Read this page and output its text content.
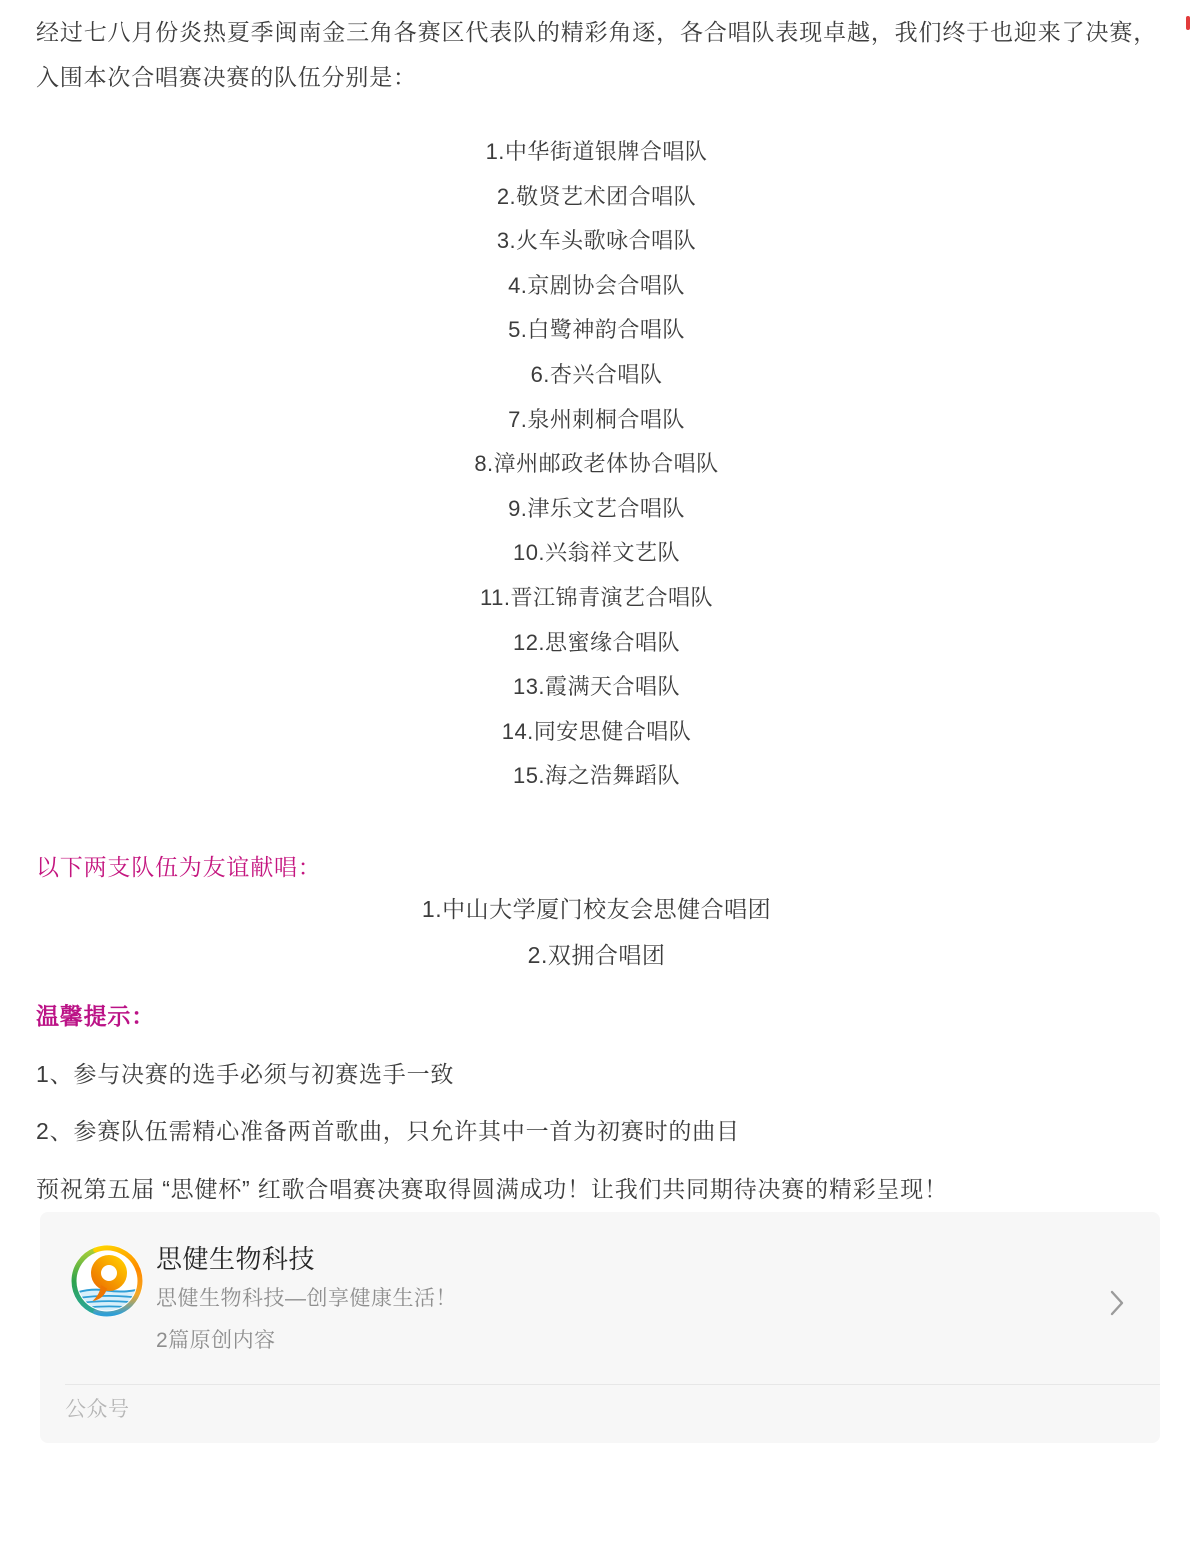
经过七八月份炎热夏季闽南金三角各赛区代表队的精彩角逐，各合唱队表现卓越，我们终于也迎来了决赛，入围本次合唱赛决赛的队伍分别是：

1.中华街道银牌合唱队
2.敬贤艺术团合唱队
3.火车头歌咏合唱队
4.京剧协会合唱队
5.白鹭神韵合唱队
6.杏兴合唱队
7.泉州刺桐合唱队
8.漳州邮政老体协合唱队
9.津乐文艺合唱队
10.兴翁祥文艺队
11.晋江锦青演艺合唱队
12.思蜜缘合唱队
13.霞满天合唱队
14.同安思健合唱队
15.海之浩舞蹈队

以下两支队伍为友谊献唱：

1.中山大学厦门校友会思健合唱团
2.双拥合唱团

温馨提示：

1、参与决赛的选手必须与初赛选手一致

2、参赛队伍需精心准备两首歌曲，只允许其中一首为初赛时的曲目

预祝第五届 “思健杯” 红歌合唱赛决赛取得圆满成功！让我们共同期待决赛的精彩呈现！

思健生物科技
思健生物科技—创享健康生活！
2篇原创内容
公众号
